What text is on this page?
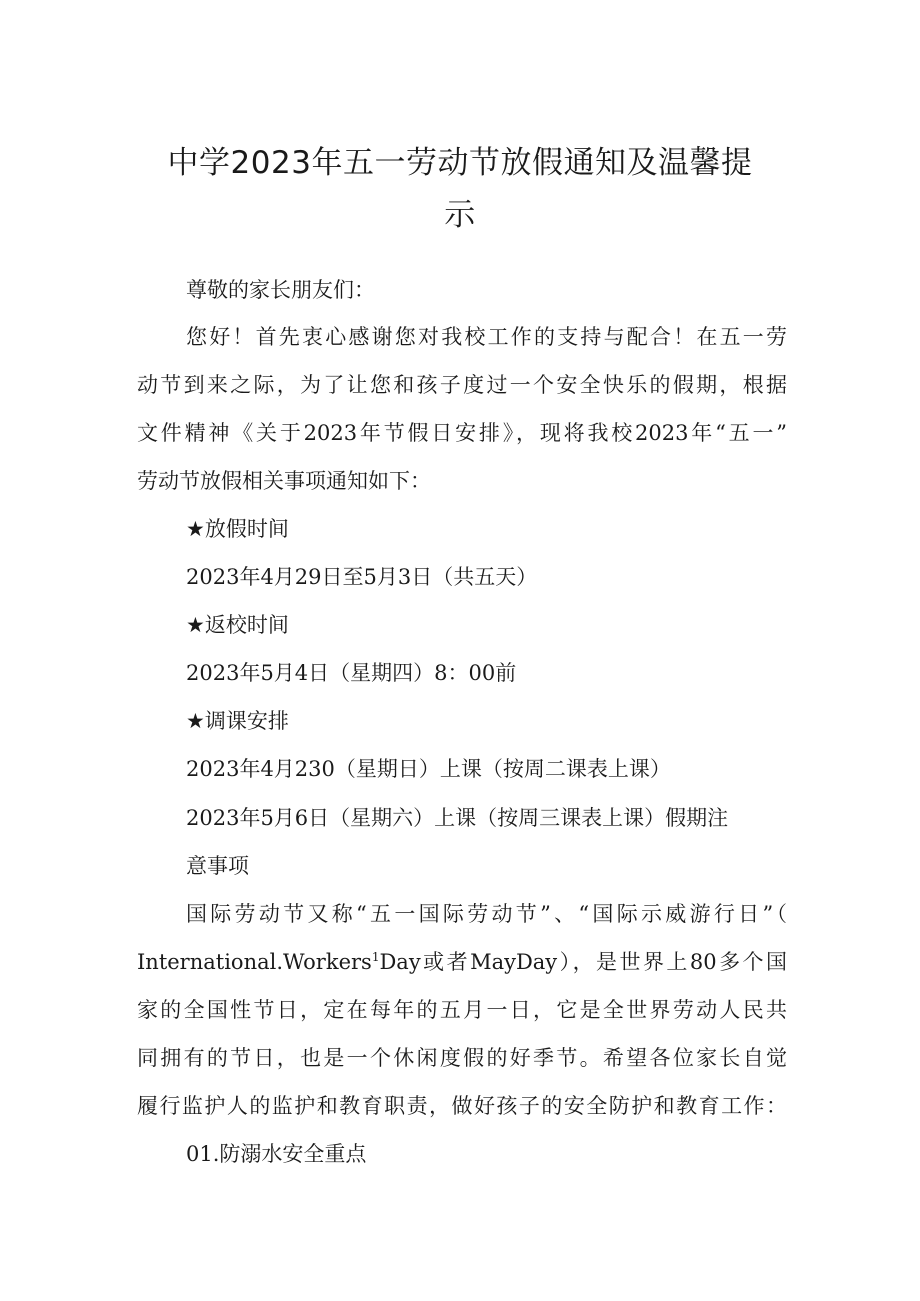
中学2023年五一劳动节放假通知及温馨提
示

尊敬的家长朋友们：

您好！首先衷心感谢您对我校工作的支持与配合！在五一劳

动节到来之际，为了让您和孩子度过一个安全快乐的假期，根据

文件精神《关于2023年节假日安排》，现将我校2023年“五一”

劳动节放假相关事项通知如下：

★放假时间

2023年4月29日至5月3日（共五天）

★返校时间

2023年5月4日（星期四）8：00前

★调课安排

2023年4月230（星期日）上课（按周二课表上课）

2023年5月6日（星期六）上课（按周三课表上课）假期注

意事项

国际劳动节又称“五一国际劳动节”、“国际示威游行日”（

International.Workers$^1$Day或者MayDay），是世界上80多个国

家的全国性节日，定在每年的五月一日，它是全世界劳动人民共

同拥有的节日，也是一个休闲度假的好季节。希望各位家长自觉

履行监护人的监护和教育职责，做好孩子的安全防护和教育工作：

01.防溺水安全重点
